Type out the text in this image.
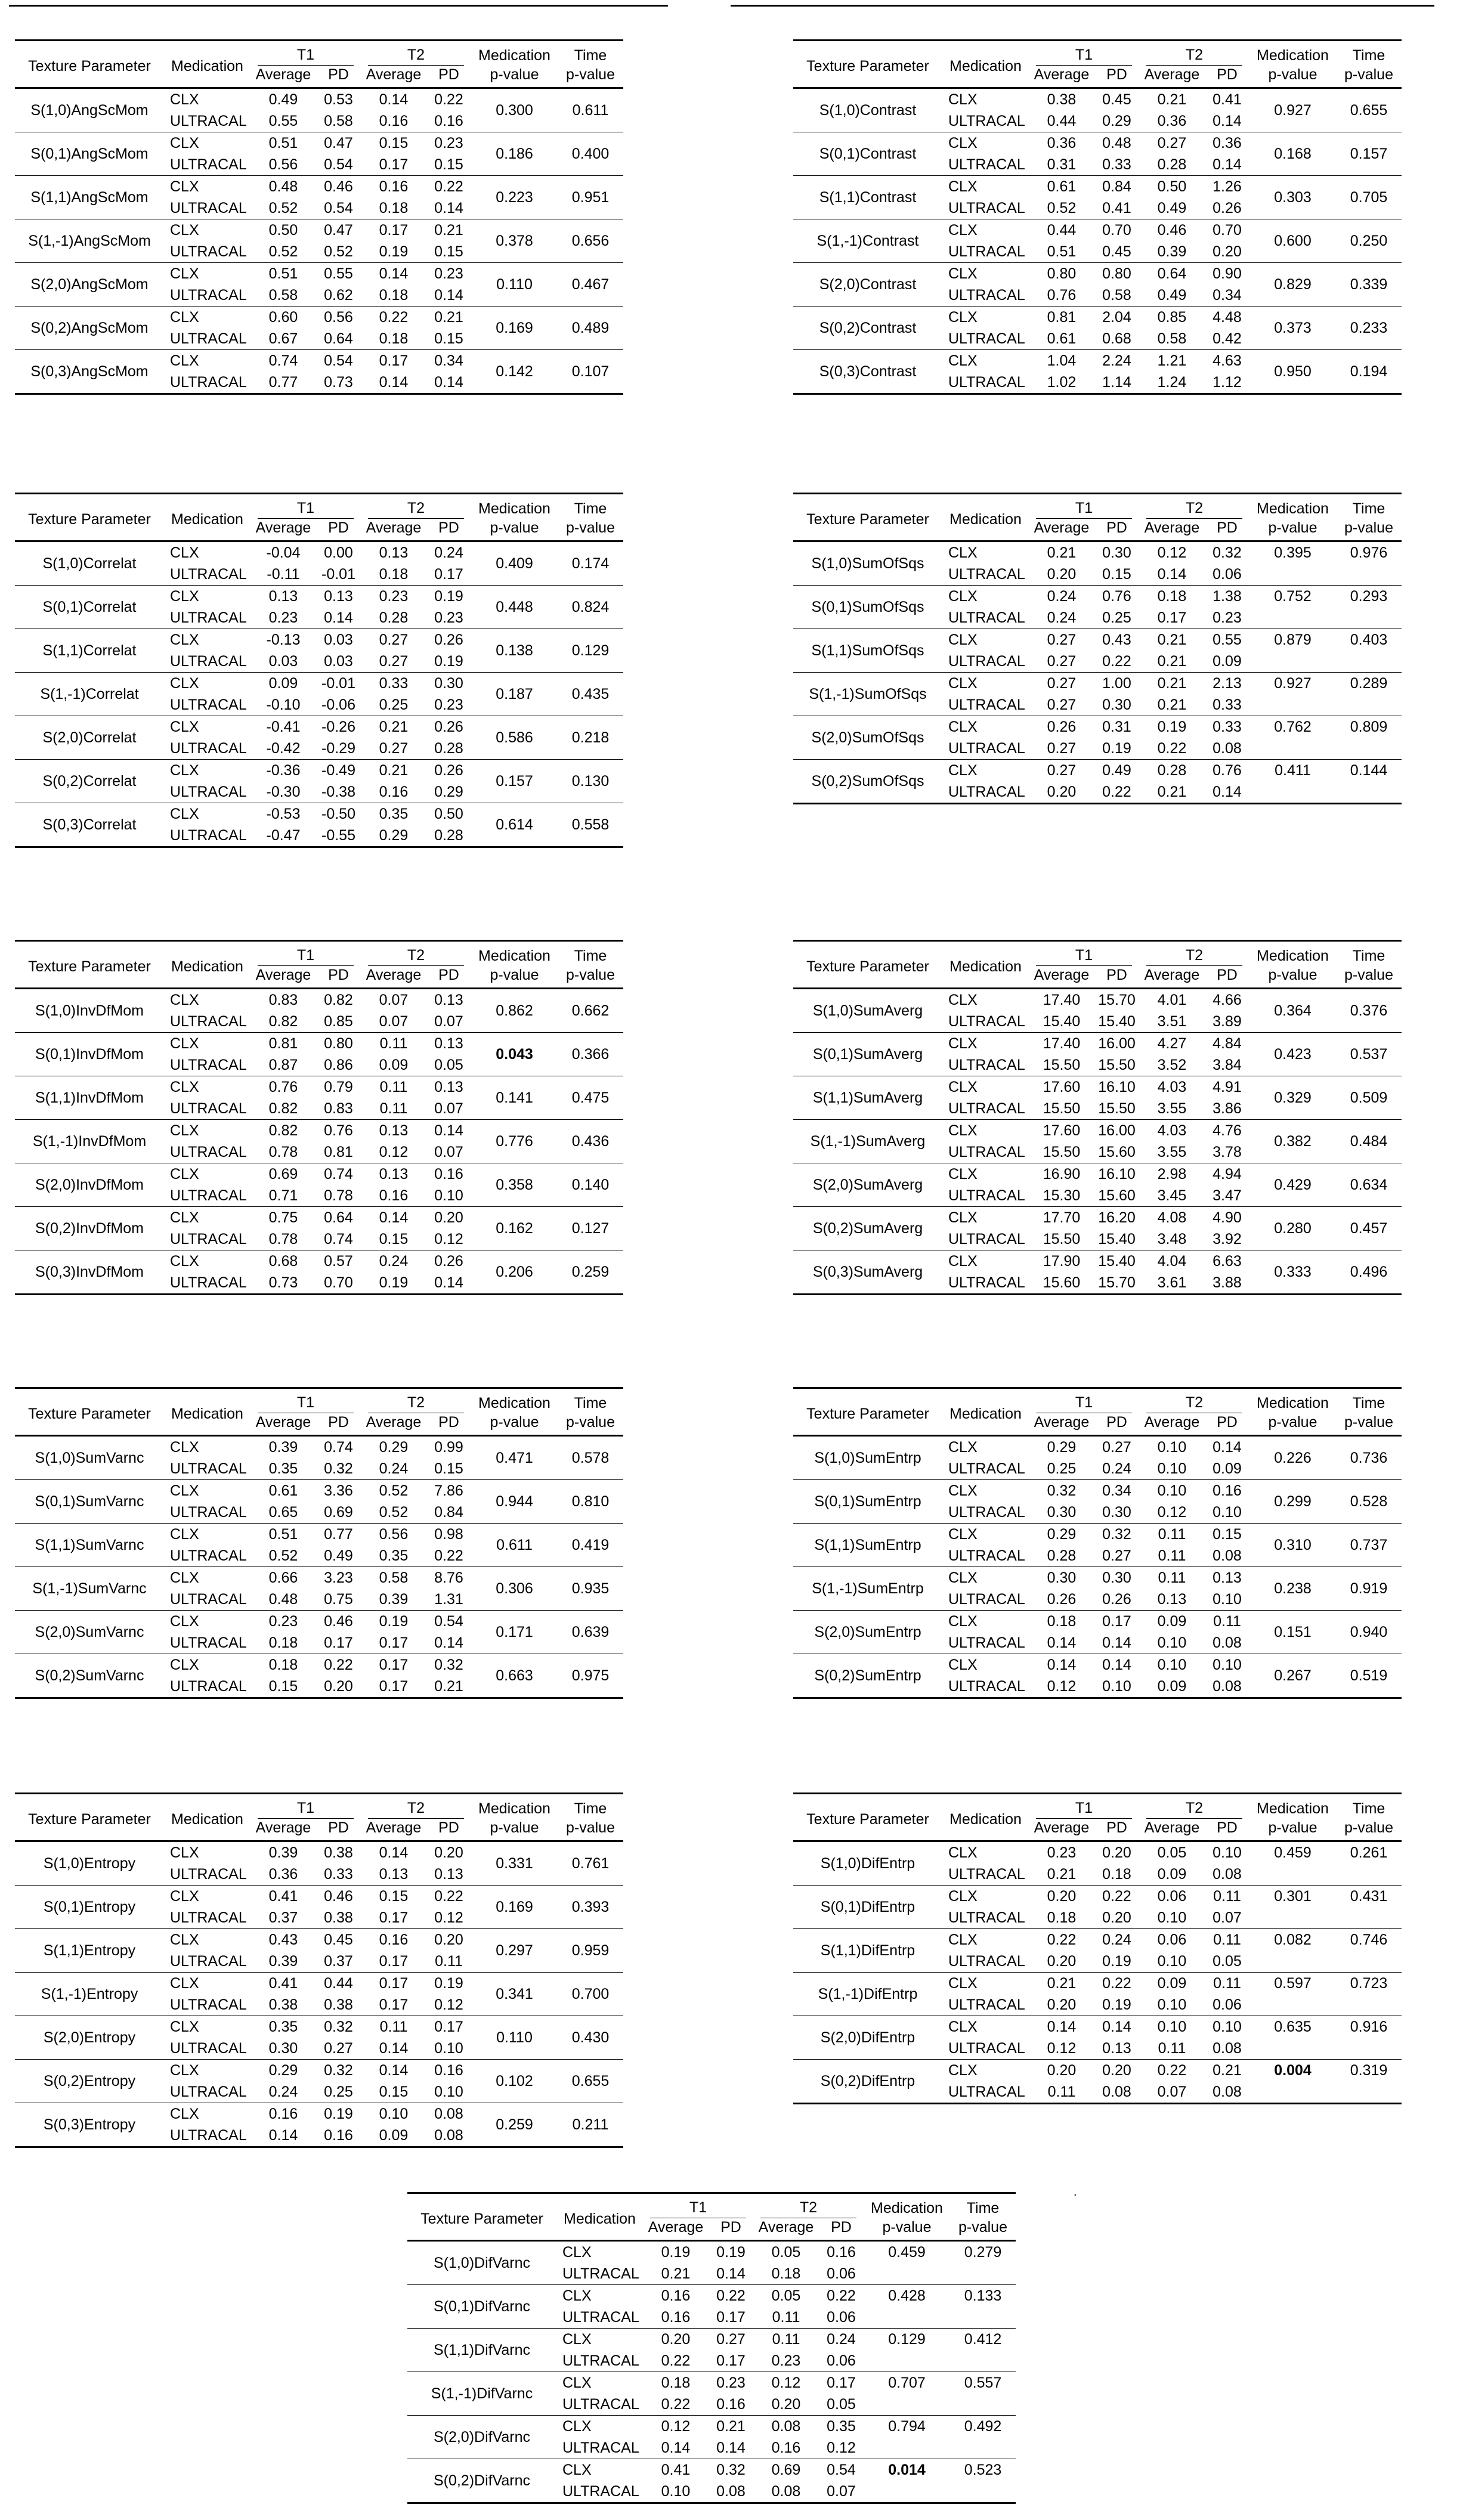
Texture Parameter	Medication	T1		T2		Medication	Time
		Average	PD	Average	PD	p-value	p-value
S(1,0)AngScMom	CLX	0.49	0.53	0.14	0.22	0.300	0.611
	ULTRACAL	0.55	0.58	0.16	0.16		
S(0,1)AngScMom	CLX	0.51	0.47	0.15	0.23	0.186	0.400
	ULTRACAL	0.56	0.54	0.17	0.15		
S(1,1)AngScMom	CLX	0.48	0.46	0.16	0.22	0.223	0.951
	ULTRACAL	0.52	0.54	0.18	0.14		
S(1,-1)AngScMom	CLX	0.50	0.47	0.17	0.21	0.378	0.656
	ULTRACAL	0.52	0.52	0.19	0.15		
S(2,0)AngScMom	CLX	0.51	0.55	0.14	0.23	0.110	0.467
	ULTRACAL	0.58	0.62	0.18	0.14		
S(0,2)AngScMom	CLX	0.60	0.56	0.22	0.21	0.169	0.489
	ULTRACAL	0.67	0.64	0.18	0.15		
S(0,3)AngScMom	CLX	0.74	0.54	0.17	0.34	0.142	0.107
	ULTRACAL	0.77	0.73	0.14	0.14		
Texture Parameter	Medication	T1		T2		Medication	Time
		Average	PD	Average	PD	p-value	p-value
S(1,0)Contrast	CLX	0.38	0.45	0.21	0.41	0.927	0.655
	ULTRACAL	0.44	0.29	0.36	0.14		
S(0,1)Contrast	CLX	0.36	0.48	0.27	0.36	0.168	0.157
	ULTRACAL	0.31	0.33	0.28	0.14		
S(1,1)Contrast	CLX	0.61	0.84	0.50	1.26	0.303	0.705
	ULTRACAL	0.52	0.41	0.49	0.26		
S(1,-1)Contrast	CLX	0.44	0.70	0.46	0.70	0.600	0.250
	ULTRACAL	0.51	0.45	0.39	0.20		
S(2,0)Contrast	CLX	0.80	0.80	0.64	0.90	0.829	0.339
	ULTRACAL	0.76	0.58	0.49	0.34		
S(0,2)Contrast	CLX	0.81	2.04	0.85	4.48	0.373	0.233
	ULTRACAL	0.61	0.68	0.58	0.42		
S(0,3)Contrast	CLX	1.04	2.24	1.21	4.63	0.950	0.194
	ULTRACAL	1.02	1.14	1.24	1.12		
Texture Parameter	Medication	T1		T2		Medication	Time
		Average	PD	Average	PD	p-value	p-value
S(1,0)Correlat	CLX	-0.04	0.00	0.13	0.24	0.409	0.174
	ULTRACAL	-0.11	-0.01	0.18	0.17		
S(0,1)Correlat	CLX	0.13	0.13	0.23	0.19	0.448	0.824
	ULTRACAL	0.23	0.14	0.28	0.23		
S(1,1)Correlat	CLX	-0.13	0.03	0.27	0.26	0.138	0.129
	ULTRACAL	0.03	0.03	0.27	0.19		
S(1,-1)Correlat	CLX	0.09	-0.01	0.33	0.30	0.187	0.435
	ULTRACAL	-0.10	-0.06	0.25	0.23		
S(2,0)Correlat	CLX	-0.41	-0.26	0.21	0.26	0.586	0.218
	ULTRACAL	-0.42	-0.29	0.27	0.28		
S(0,2)Correlat	CLX	-0.36	-0.49	0.21	0.26	0.157	0.130
	ULTRACAL	-0.30	-0.38	0.16	0.29		
S(0,3)Correlat	CLX	-0.53	-0.50	0.35	0.50	0.614	0.558
	ULTRACAL	-0.47	-0.55	0.29	0.28		
Texture Parameter	Medication	T1		T2		Medication	Time
		Average	PD	Average	PD	p-value	p-value
S(1,0)SumOfSqs	CLX	0.21	0.30	0.12	0.32	0.395	0.976
	ULTRACAL	0.20	0.15	0.14	0.06		
S(0,1)SumOfSqs	CLX	0.24	0.76	0.18	1.38	0.752	0.293
	ULTRACAL	0.24	0.25	0.17	0.23		
S(1,1)SumOfSqs	CLX	0.27	0.43	0.21	0.55	0.879	0.403
	ULTRACAL	0.27	0.22	0.21	0.09		
S(1,-1)SumOfSqs	CLX	0.27	1.00	0.21	2.13	0.927	0.289
	ULTRACAL	0.27	0.30	0.21	0.33		
S(2,0)SumOfSqs	CLX	0.26	0.31	0.19	0.33	0.762	0.809
	ULTRACAL	0.27	0.19	0.22	0.08		
S(0,2)SumOfSqs	CLX	0.27	0.49	0.28	0.76	0.411	0.144
	ULTRACAL	0.20	0.22	0.21	0.14		
Texture Parameter	Medication	T1		T2		Medication	Time
		Average	PD	Average	PD	p-value	p-value
S(1,0)InvDfMom	CLX	0.83	0.82	0.07	0.13	0.862	0.662
	ULTRACAL	0.82	0.85	0.07	0.07		
S(0,1)InvDfMom	CLX	0.81	0.80	0.11	0.13	0.043	0.366
	ULTRACAL	0.87	0.86	0.09	0.05		
S(1,1)InvDfMom	CLX	0.76	0.79	0.11	0.13	0.141	0.475
	ULTRACAL	0.82	0.83	0.11	0.07		
S(1,-1)InvDfMom	CLX	0.82	0.76	0.13	0.14	0.776	0.436
	ULTRACAL	0.78	0.81	0.12	0.07		
S(2,0)InvDfMom	CLX	0.69	0.74	0.13	0.16	0.358	0.140
	ULTRACAL	0.71	0.78	0.16	0.10		
S(0,2)InvDfMom	CLX	0.75	0.64	0.14	0.20	0.162	0.127
	ULTRACAL	0.78	0.74	0.15	0.12		
S(0,3)InvDfMom	CLX	0.68	0.57	0.24	0.26	0.206	0.259
	ULTRACAL	0.73	0.70	0.19	0.14		
Texture Parameter	Medication	T1		T2		Medication	Time
		Average	PD	Average	PD	p-value	p-value
S(1,0)SumAverg	CLX	17.40	15.70	4.01	4.66	0.364	0.376
	ULTRACAL	15.40	15.40	3.51	3.89		
S(0,1)SumAverg	CLX	17.40	16.00	4.27	4.84	0.423	0.537
	ULTRACAL	15.50	15.50	3.52	3.84		
S(1,1)SumAverg	CLX	17.60	16.10	4.03	4.91	0.329	0.509
	ULTRACAL	15.50	15.50	3.55	3.86		
S(1,-1)SumAverg	CLX	17.60	16.00	4.03	4.76	0.382	0.484
	ULTRACAL	15.50	15.60	3.55	3.78		
S(2,0)SumAverg	CLX	16.90	16.10	2.98	4.94	0.429	0.634
	ULTRACAL	15.30	15.60	3.45	3.47		
S(0,2)SumAverg	CLX	17.70	16.20	4.08	4.90	0.280	0.457
	ULTRACAL	15.50	15.40	3.48	3.92		
S(0,3)SumAverg	CLX	17.90	15.40	4.04	6.63	0.333	0.496
	ULTRACAL	15.60	15.70	3.61	3.88		
Texture Parameter	Medication	T1		T2		Medication	Time
		Average	PD	Average	PD	p-value	p-value
S(1,0)SumVarnc	CLX	0.39	0.74	0.29	0.99	0.471	0.578
	ULTRACAL	0.35	0.32	0.24	0.15		
S(0,1)SumVarnc	CLX	0.61	3.36	0.52	7.86	0.944	0.810
	ULTRACAL	0.65	0.69	0.52	0.84		
S(1,1)SumVarnc	CLX	0.51	0.77	0.56	0.98	0.611	0.419
	ULTRACAL	0.52	0.49	0.35	0.22		
S(1,-1)SumVarnc	CLX	0.66	3.23	0.58	8.76	0.306	0.935
	ULTRACAL	0.48	0.75	0.39	1.31		
S(2,0)SumVarnc	CLX	0.23	0.46	0.19	0.54	0.171	0.639
	ULTRACAL	0.18	0.17	0.17	0.14		
S(0,2)SumVarnc	CLX	0.18	0.22	0.17	0.32	0.663	0.975
	ULTRACAL	0.15	0.20	0.17	0.21		
Texture Parameter	Medication	T1		T2		Medication	Time
		Average	PD	Average	PD	p-value	p-value
S(1,0)SumEntrp	CLX	0.29	0.27	0.10	0.14	0.226	0.736
	ULTRACAL	0.25	0.24	0.10	0.09		
S(0,1)SumEntrp	CLX	0.32	0.34	0.10	0.16	0.299	0.528
	ULTRACAL	0.30	0.30	0.12	0.10		
S(1,1)SumEntrp	CLX	0.29	0.32	0.11	0.15	0.310	0.737
	ULTRACAL	0.28	0.27	0.11	0.08		
S(1,-1)SumEntrp	CLX	0.30	0.30	0.11	0.13	0.238	0.919
	ULTRACAL	0.26	0.26	0.13	0.10		
S(2,0)SumEntrp	CLX	0.18	0.17	0.09	0.11	0.151	0.940
	ULTRACAL	0.14	0.14	0.10	0.08		
S(0,2)SumEntrp	CLX	0.14	0.14	0.10	0.10	0.267	0.519
	ULTRACAL	0.12	0.10	0.09	0.08		
Texture Parameter	Medication	T1		T2		Medication	Time
		Average	PD	Average	PD	p-value	p-value
S(1,0)Entropy	CLX	0.39	0.38	0.14	0.20	0.331	0.761
	ULTRACAL	0.36	0.33	0.13	0.13		
S(0,1)Entropy	CLX	0.41	0.46	0.15	0.22	0.169	0.393
	ULTRACAL	0.37	0.38	0.17	0.12		
S(1,1)Entropy	CLX	0.43	0.45	0.16	0.20	0.297	0.959
	ULTRACAL	0.39	0.37	0.17	0.11		
S(1,-1)Entropy	CLX	0.41	0.44	0.17	0.19	0.341	0.700
	ULTRACAL	0.38	0.38	0.17	0.12		
S(2,0)Entropy	CLX	0.35	0.32	0.11	0.17	0.110	0.430
	ULTRACAL	0.30	0.27	0.14	0.10		
S(0,2)Entropy	CLX	0.29	0.32	0.14	0.16	0.102	0.655
	ULTRACAL	0.24	0.25	0.15	0.10		
S(0,3)Entropy	CLX	0.16	0.19	0.10	0.08	0.259	0.211
	ULTRACAL	0.14	0.16	0.09	0.08		
Texture Parameter	Medication	T1		T2		Medication	Time
		Average	PD	Average	PD	p-value	p-value
S(1,0)DifEntrp	CLX	0.23	0.20	0.05	0.10	0.459	0.261
	ULTRACAL	0.21	0.18	0.09	0.08		
S(0,1)DifEntrp	CLX	0.20	0.22	0.06	0.11	0.301	0.431
	ULTRACAL	0.18	0.20	0.10	0.07		
S(1,1)DifEntrp	CLX	0.22	0.24	0.06	0.11	0.082	0.746
	ULTRACAL	0.20	0.19	0.10	0.05		
S(1,-1)DifEntrp	CLX	0.21	0.22	0.09	0.11	0.597	0.723
	ULTRACAL	0.20	0.19	0.10	0.06		
S(2,0)DifEntrp	CLX	0.14	0.14	0.10	0.10	0.635	0.916
	ULTRACAL	0.12	0.13	0.11	0.08		
S(0,2)DifEntrp	CLX	0.20	0.20	0.22	0.21	0.004	0.319
	ULTRACAL	0.11	0.08	0.07	0.08		
Texture Parameter	Medication	T1		T2		Medication	Time
		Average	PD	Average	PD	p-value	p-value
S(1,0)DifVarnc	CLX	0.19	0.19	0.05	0.16	0.459	0.279
	ULTRACAL	0.21	0.14	0.18	0.06		
S(0,1)DifVarnc	CLX	0.16	0.22	0.05	0.22	0.428	0.133
	ULTRACAL	0.16	0.17	0.11	0.06		
S(1,1)DifVarnc	CLX	0.20	0.27	0.11	0.24	0.129	0.412
	ULTRACAL	0.22	0.17	0.23	0.06		
S(1,-1)DifVarnc	CLX	0.18	0.23	0.12	0.17	0.707	0.557
	ULTRACAL	0.22	0.16	0.20	0.05		
S(2,0)DifVarnc	CLX	0.12	0.21	0.08	0.35	0.794	0.492
	ULTRACAL	0.14	0.14	0.16	0.12		
S(0,2)DifVarnc	CLX	0.41	0.32	0.69	0.54	0.014	0.523
	ULTRACAL	0.10	0.08	0.08	0.07		
.
